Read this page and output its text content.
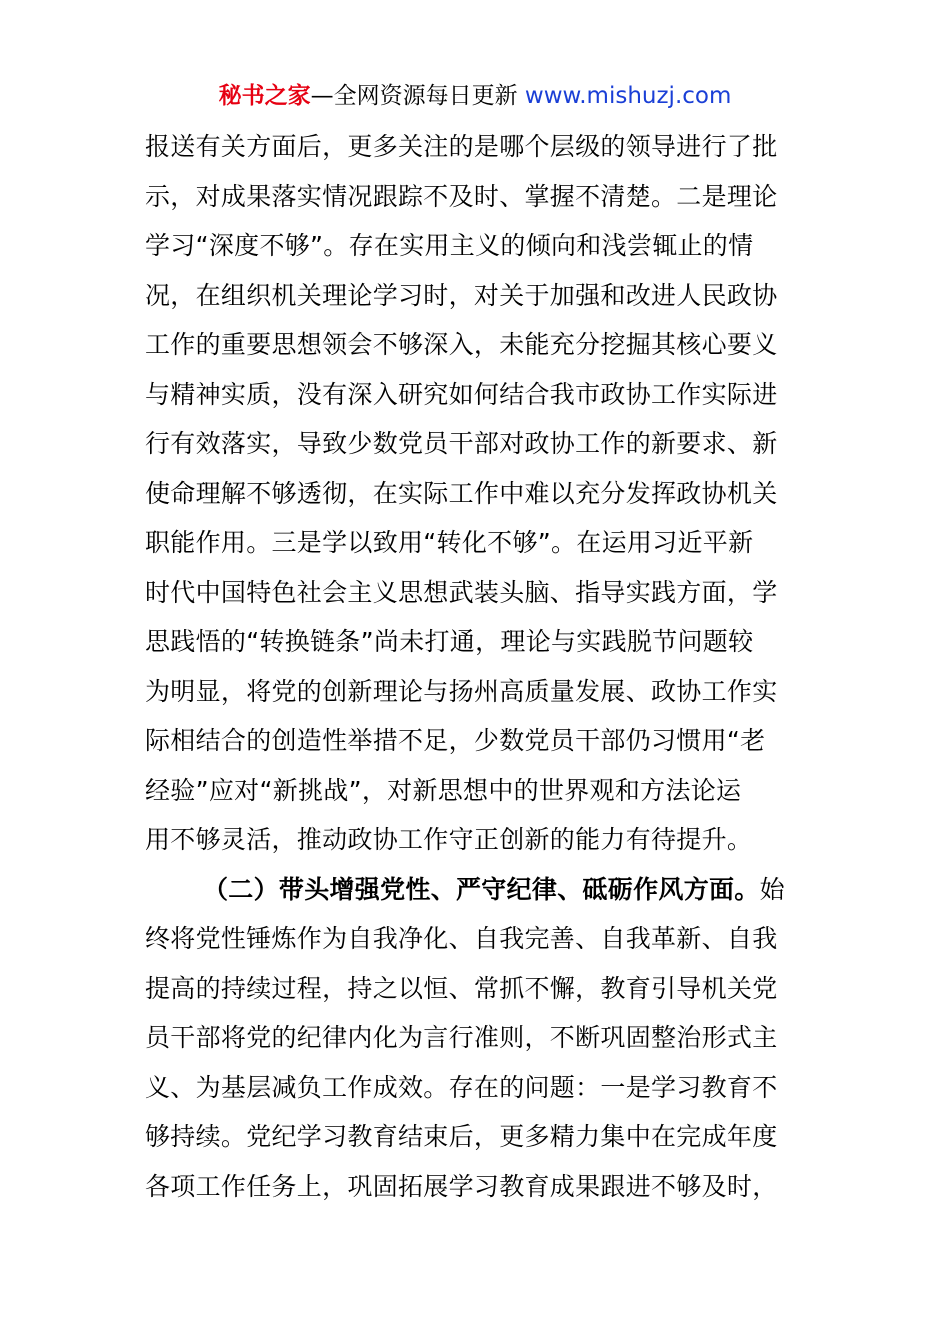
秘书之家—全网资源每日更新 www.mishuzj.com
报送有关方面后，更多关注的是哪个层级的领导进行了批
示，对成果落实情况跟踪不及时、掌握不清楚。二是理论
学习“深度不够”。存在实用主义的倾向和浅尝辄止的情
况，在组织机关理论学习时，对关于加强和改进人民政协
工作的重要思想领会不够深入，未能充分挖掘其核心要义
与精神实质，没有深入研究如何结合我市政协工作实际进
行有效落实，导致少数党员干部对政协工作的新要求、新
使命理解不够透彻，在实际工作中难以充分发挥政协机关
职能作用。三是学以致用“转化不够”。在运用习近平新
时代中国特色社会主义思想武装头脑、指导实践方面，学
思践悟的“转换链条”尚未打通，理论与实践脱节问题较
为明显，将党的创新理论与扬州高质量发展、政协工作实
际相结合的创造性举措不足，少数党员干部仍习惯用“老
经验”应对“新挑战”，对新思想中的世界观和方法论运
用不够灵活，推动政协工作守正创新的能力有待提升。
（二）带头增强党性、严守纪律、砥砺作风方面。始
终将党性锤炼作为自我净化、自我完善、自我革新、自我
提高的持续过程，持之以恒、常抓不懈，教育引导机关党
员干部将党的纪律内化为言行准则，不断巩固整治形式主
义、为基层减负工作成效。存在的问题：一是学习教育不
够持续。党纪学习教育结束后，更多精力集中在完成年度
各项工作任务上，巩固拓展学习教育成果跟进不够及时，
